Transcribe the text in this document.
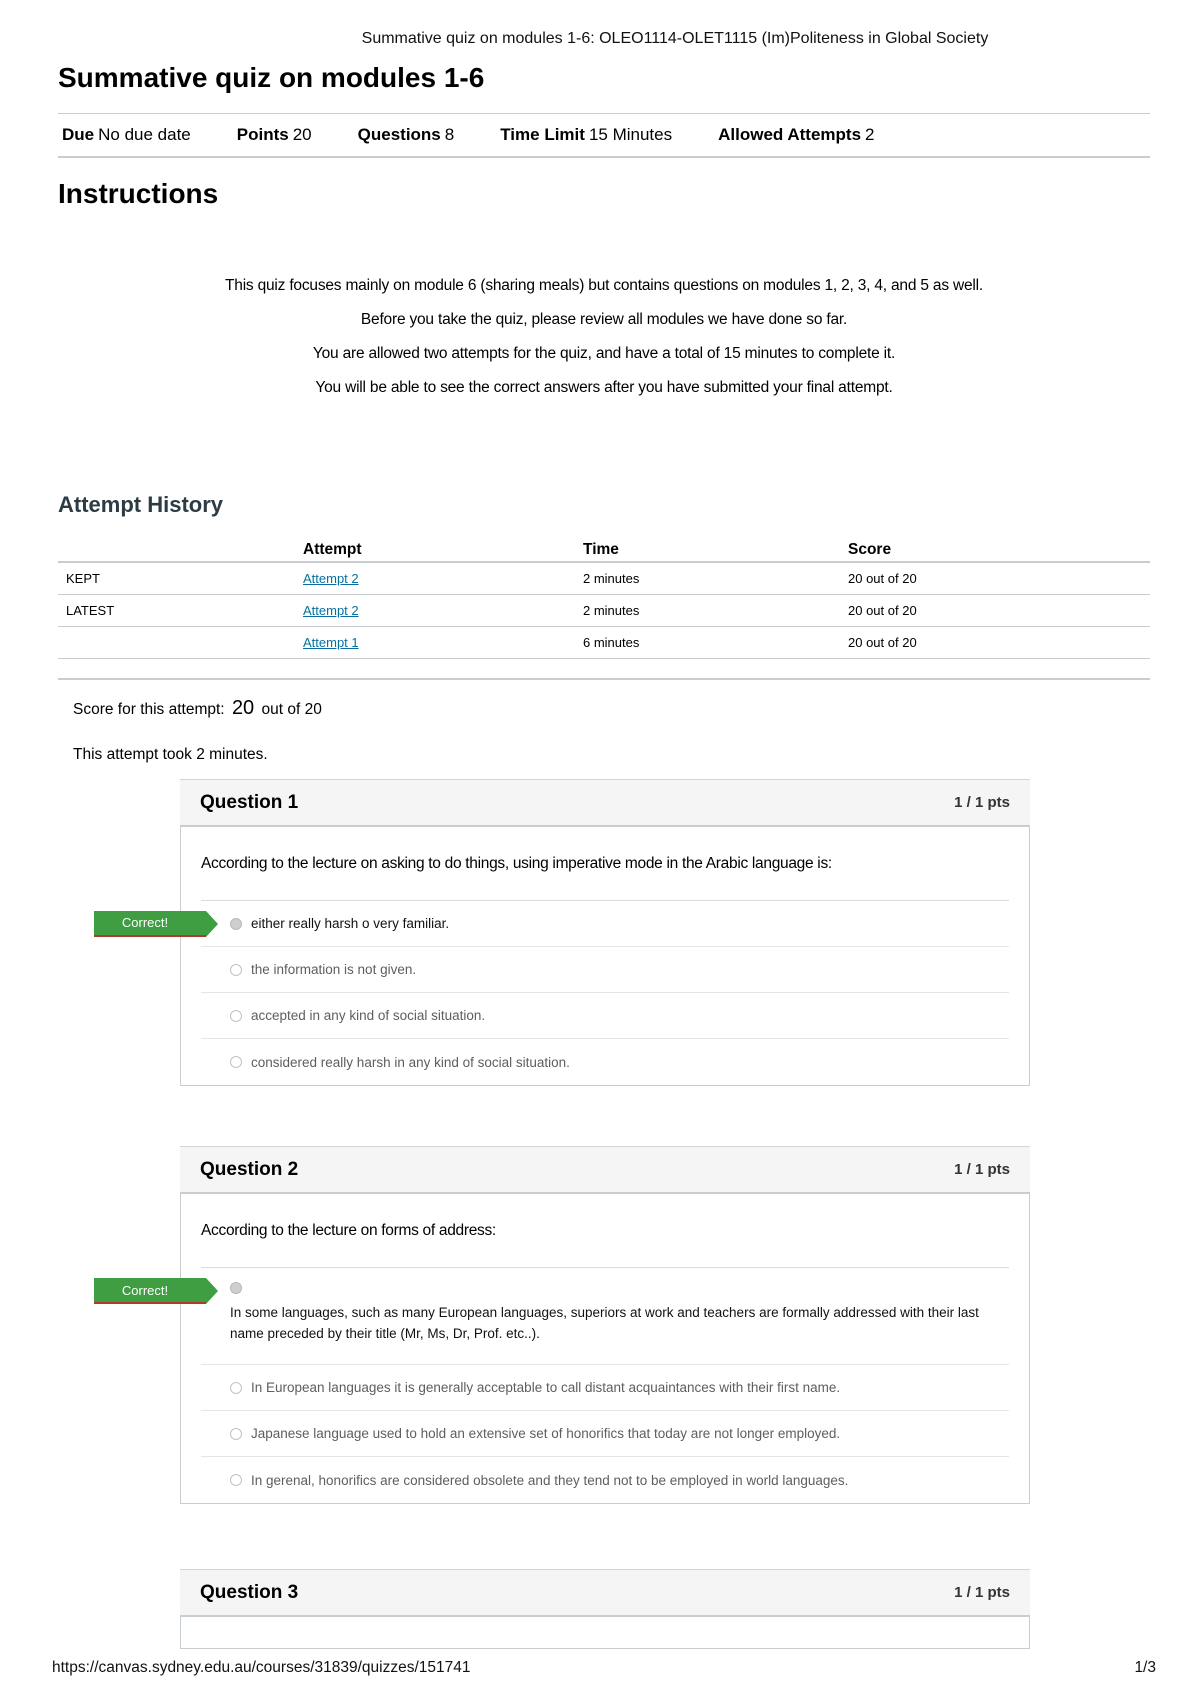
Summative quiz on modules 1-6: OLEO1114-OLET1115 (Im)Politeness in Global Society
Summative quiz on modules 1-6
Due No due date	Points 20	Questions 8	Time Limit 15 Minutes	Allowed Attempts 2
Instructions

This quiz focuses mainly on module 6 (sharing meals) but contains questions on modules 1, 2, 3, 4, and 5 as well.

Before you take the quiz, please review all modules we have done so far.

You are allowed two attempts for the quiz, and have a total of 15 minutes to complete it.

You will be able to see the correct answers after you have submitted your final attempt.

Attempt History
	Attempt	Time	Score
KEPT	Attempt 2	2 minutes	20 out of 20
LATEST	Attempt 2	2 minutes	20 out of 20
	Attempt 1	6 minutes	20 out of 20
Score for this attempt: 20 out of 20
This attempt took 2 minutes.
Question 1	1 / 1 pts
According to the lecture on asking to do things, using imperative mode in the Arabic language is:
Correct!	either really harsh o very familiar.
the information is not given.
accepted in any kind of social situation.
considered really harsh in any kind of social situation.
Question 2	1 / 1 pts
According to the lecture on forms of address:
Correct!
In some languages, such as many European languages, superiors at work and teachers are formally addressed with their last name preceded by their title (Mr, Ms, Dr, Prof. etc..).
In European languages it is generally acceptable to call distant acquaintances with their first name.
Japanese language used to hold an extensive set of honorifics that today are not longer employed.
In gerenal, honorifics are considered obsolete and they tend not to be employed in world languages.
Question 3	1 / 1 pts
https://canvas.sydney.edu.au/courses/31839/quizzes/151741	1/3
